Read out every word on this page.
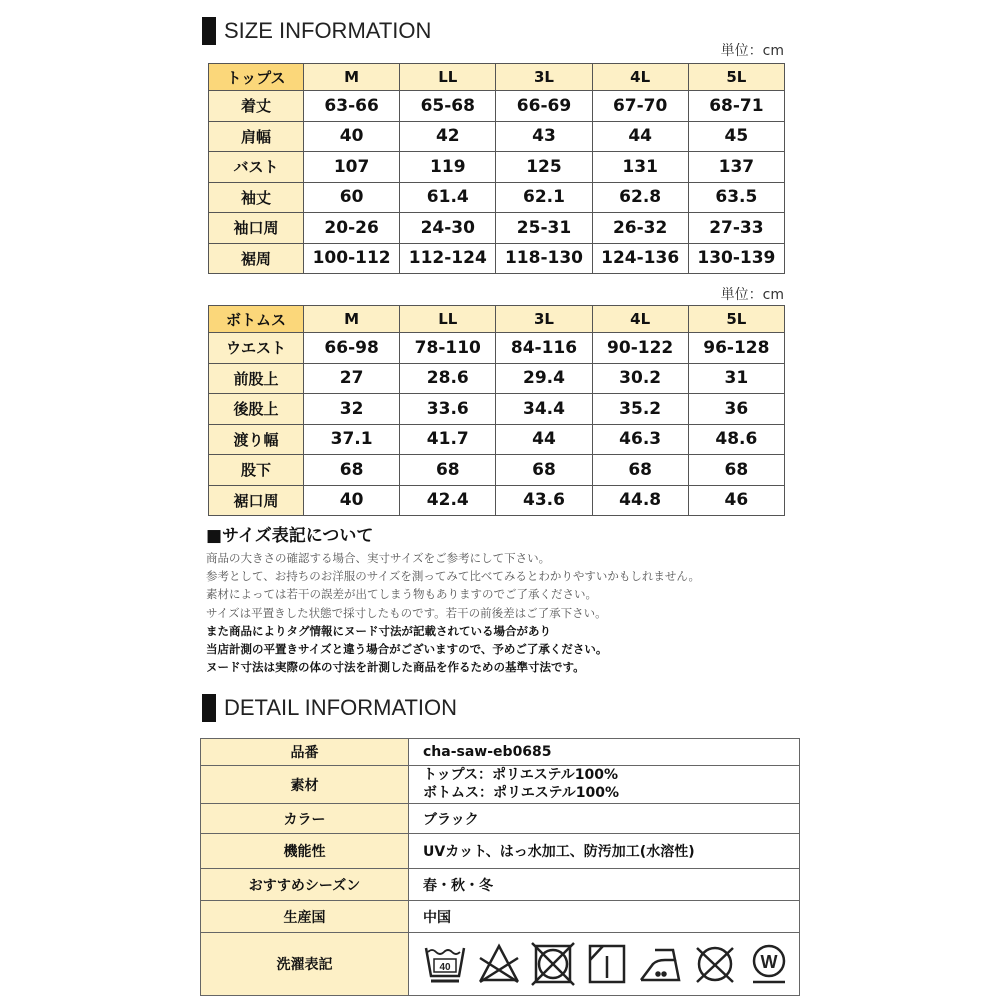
SIZE INFORMATION
単位：cm
トップス	M	LL	3L	4L	5L
着丈	63-66	65-68	66-69	67-70	68-71
肩幅	40	42	43	44	45
バスト	107	119	125	131	137
袖丈	60	61.4	62.1	62.8	63.5
袖口周	20-26	24-30	25-31	26-32	27-33
裾周	100-112	112-124	118-130	124-136	130-139
単位：cm
ボトムス	M	LL	3L	4L	5L
ウエスト	66-98	78-110	84-116	90-122	96-128
前股上	27	28.6	29.4	30.2	31
後股上	32	33.6	34.4	35.2	36
渡り幅	37.1	41.7	44	46.3	48.6
股下	68	68	68	68	68
裾口周	40	42.4	43.6	44.8	46
■サイズ表記について
商品の大きさの確認する場合、実寸サイズをご参考にして下さい。
参考として、お持ちのお洋服のサイズを測ってみて比べてみるとわかりやすいかもしれません。
素材によっては若干の誤差が出てしまう物もありますのでご了承ください。
サイズは平置きした状態で採寸したものです。若干の前後差はご了承下さい。
また商品によりタグ情報にヌード寸法が記載されている場合があり
当店計測の平置きサイズと違う場合がございますので、予めご了承ください。
ヌード寸法は実際の体の寸法を計測した商品を作るための基準寸法です。
DETAIL INFORMATION
品番	cha-saw-eb0685
素材	トップス：ポリエステル100%
ボトムス：ポリエステル100%

カラー	ブラック
機能性	UVカット、はっ水加工、防汚加工(水溶性)
おすすめシーズン	春・秋・冬
生産国	中国
洗濯表記	40 W
